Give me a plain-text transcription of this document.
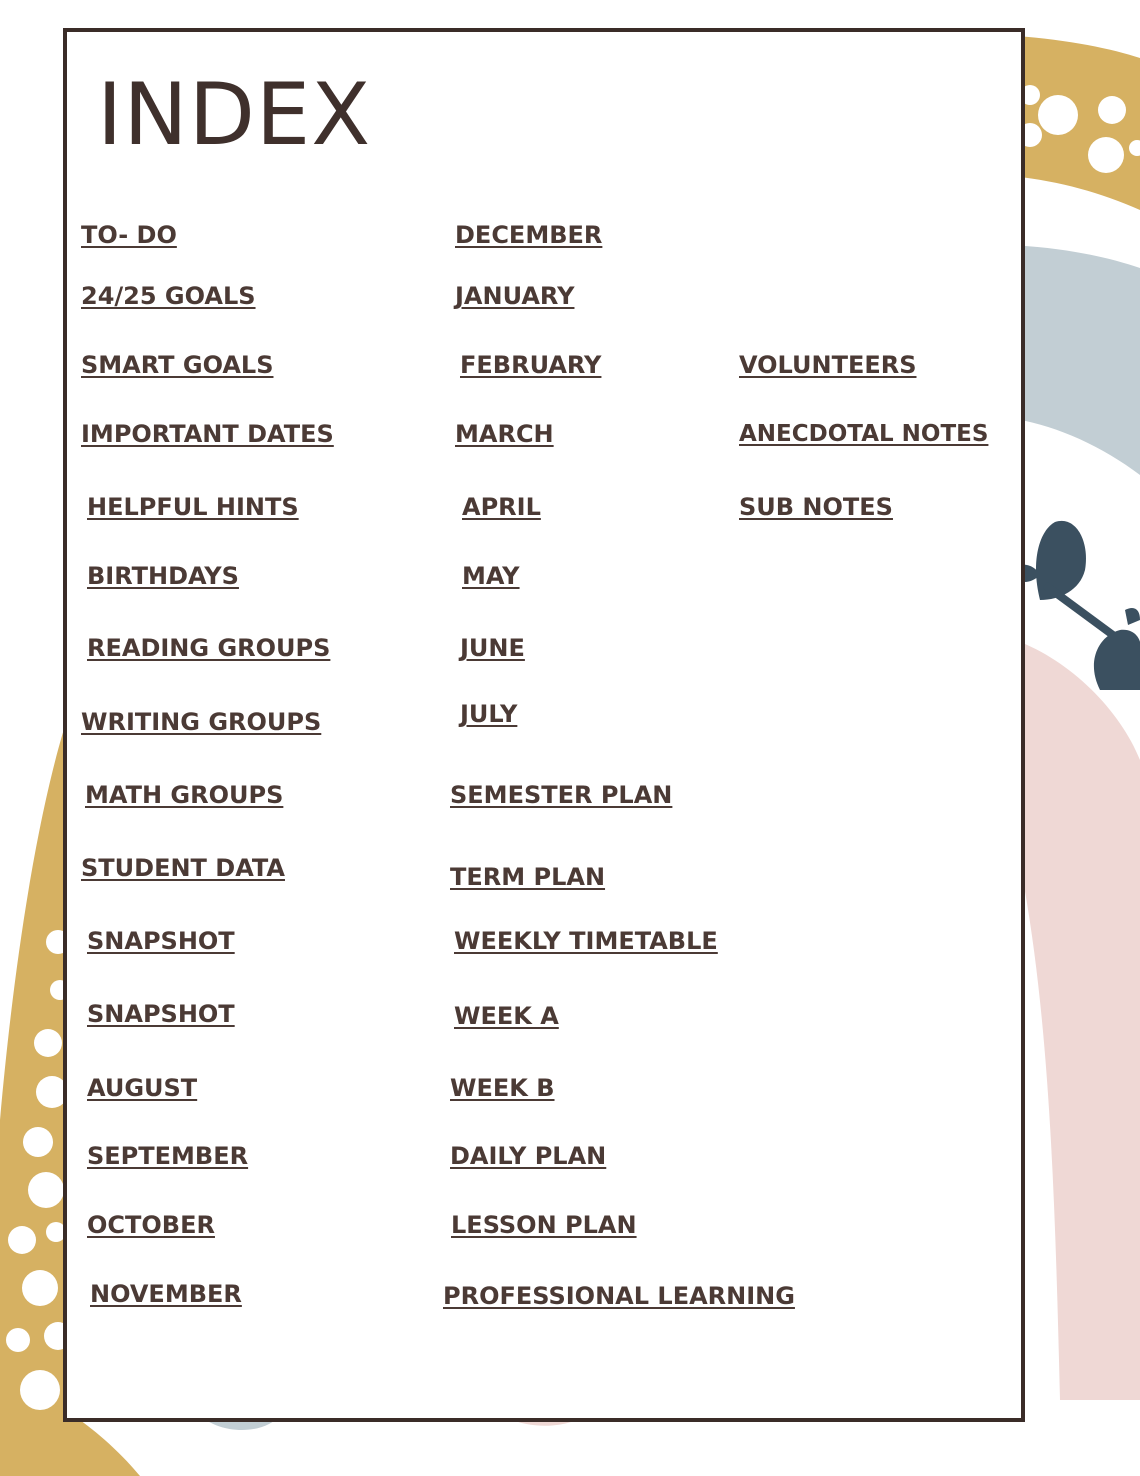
INDEX
TO- DO
24/25 GOALS
SMART GOALS
IMPORTANT DATES
HELPFUL HINTS
BIRTHDAYS
READING GROUPS
WRITING GROUPS
MATH GROUPS
STUDENT DATA
SNAPSHOT
SNAPSHOT
AUGUST
SEPTEMBER
OCTOBER
NOVEMBER
DECEMBER
JANUARY
FEBRUARY
MARCH
APRIL
MAY
JUNE
JULY
SEMESTER PLAN
TERM PLAN
WEEKLY TIMETABLE
WEEK A
WEEK B
DAILY PLAN
LESSON PLAN
PROFESSIONAL LEARNING
VOLUNTEERS
ANECDOTAL NOTES
SUB NOTES
